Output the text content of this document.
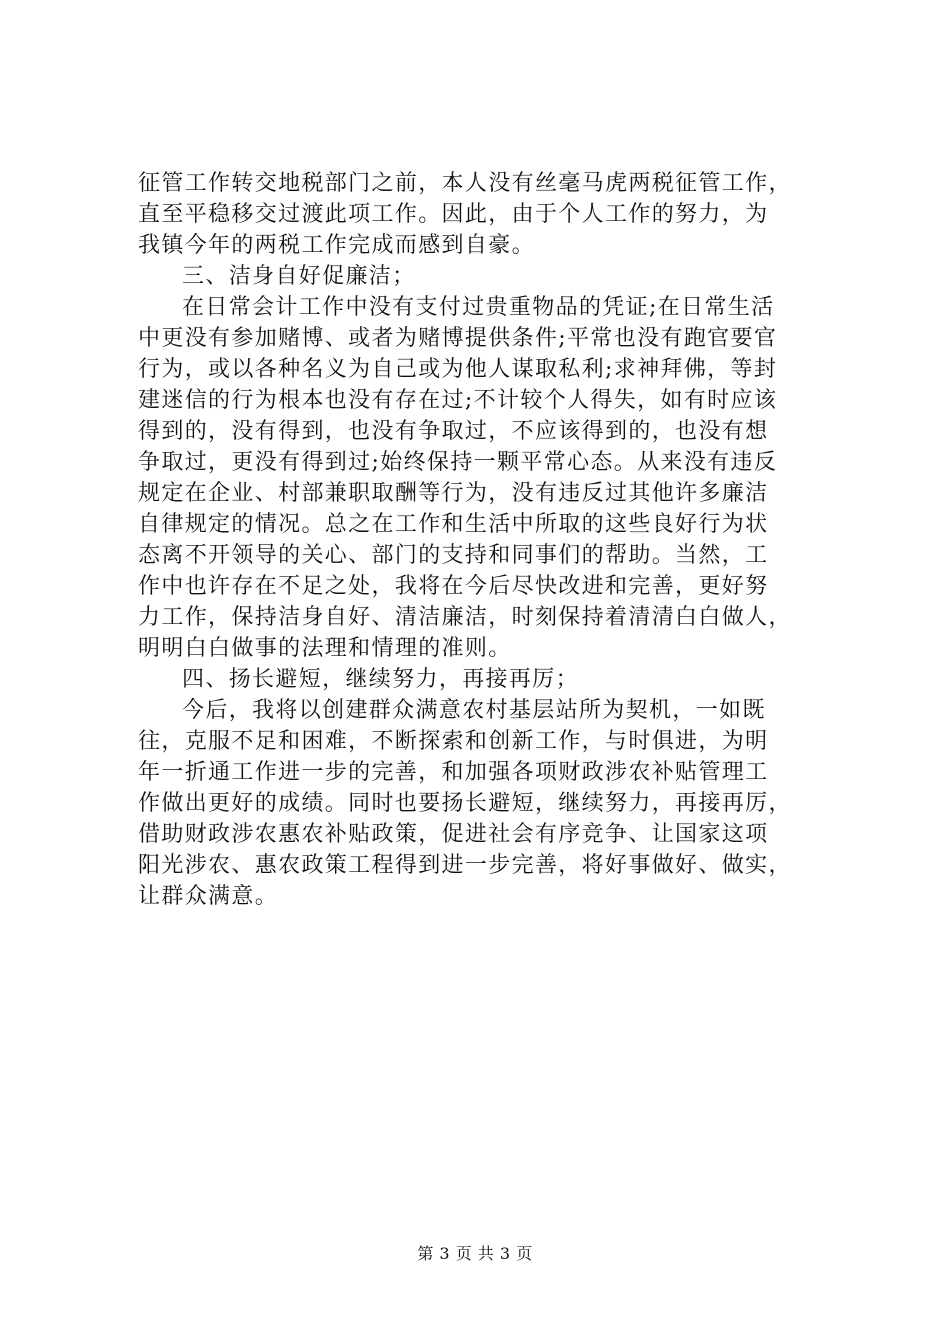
征管工作转交地税部门之前，本人没有丝毫马虎两税征管工作，

直至平稳移交过渡此项工作。因此，由于个人工作的努力，为

我镇今年的两税工作完成而感到自豪。

三、洁身自好促廉洁；

在日常会计工作中没有支付过贵重物品的凭证;在日常生活

中更没有参加赌博、或者为赌博提供条件;平常也没有跑官要官

行为，或以各种名义为自己或为他人谋取私利;求神拜佛，等封

建迷信的行为根本也没有存在过;不计较个人得失，如有时应该

得到的，没有得到，也没有争取过，不应该得到的，也没有想

争取过，更没有得到过;始终保持一颗平常心态。从来没有违反

规定在企业、村部兼职取酬等行为，没有违反过其他许多廉洁

自律规定的情况。总之在工作和生活中所取的这些良好行为状

态离不开领导的关心、部门的支持和同事们的帮助。当然，工

作中也许存在不足之处，我将在今后尽快改进和完善，更好努

力工作，保持洁身自好、清洁廉洁，时刻保持着清清白白做人，

明明白白做事的法理和情理的准则。

四、扬长避短，继续努力，再接再厉；

今后，我将以创建群众满意农村基层站所为契机，一如既

往，克服不足和困难，不断探索和创新工作，与时俱进，为明

年一折通工作进一步的完善，和加强各项财政涉农补贴管理工

作做出更好的成绩。同时也要扬长避短，继续努力，再接再厉，

借助财政涉农惠农补贴政策，促进社会有序竞争、让国家这项

阳光涉农、惠农政策工程得到进一步完善，将好事做好、做实，

让群众满意。

第 3 页 共 3 页
